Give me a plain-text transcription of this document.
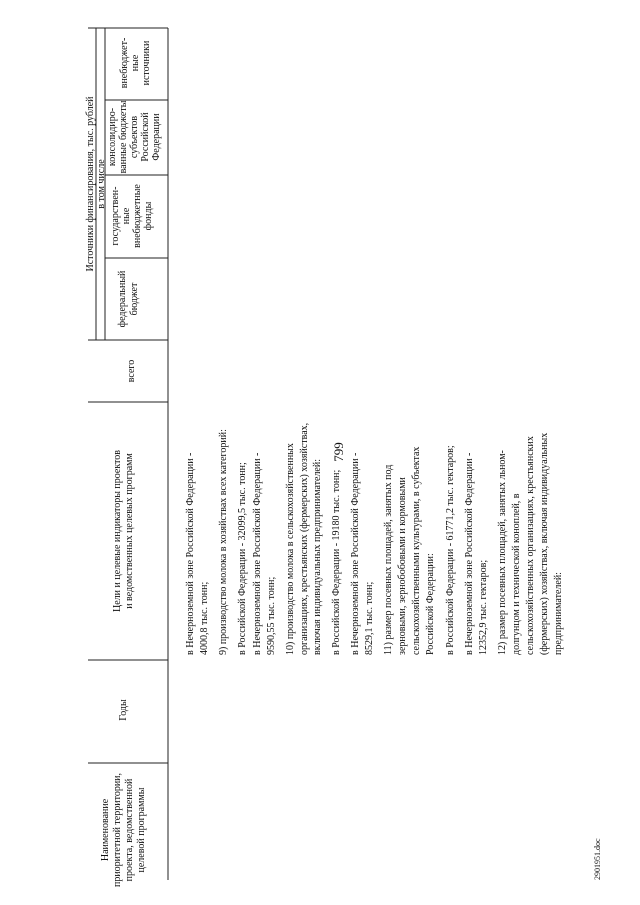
799
Наименование приоритетной территории, проекта, ведомственной целевой программы
Годы
Цели и целевые индикаторы проектов и ведомственных целевых программ
Источники финансирования, тыс. рублей
всего
в том числе
федеральный бюджет
государствен- ные внебюджетные фонды
консолидиро- ванные бюджеты субъектов Российской Федерации
внебюджет- ные источники
в Нечерноземной зоне Российской Федерации - 4000,8 тыс. тонн; 9) производство молока в хозяйствах всех категорий: в Российской Федерации - 32099,5 тыс. тонн; в Нечерноземной зоне Российской Федерации - 9590,55 тыс. тонн; 10) производство молока в сельскохозяйственных организациях, крестьянских (фермерских) хозяйствах, включая индивидуальных предпринимателей: в Российской Федерации - 19180 тыс. тонн; в Нечерноземной зоне Российской Федерации - 8529,1 тыс. тонн; 11) размер посевных площадей, занятых под зерновыми, зернобобовыми и кормовыми сельскохозяйственными культурами, в субъектах Российской Федерации: в Российской Федерации - 61771,2 тыс. гектаров; в Нечерноземной зоне Российской Федерации - 12352,9 тыс. гектаров; 12) размер посевных площадей, занятых льном- долгунцом и технической коноплей, в сельскохозяйственных организациях, крестьянских (фермерских) хозяйствах, включая индивидуальных предпринимателей:
2901951.doc
